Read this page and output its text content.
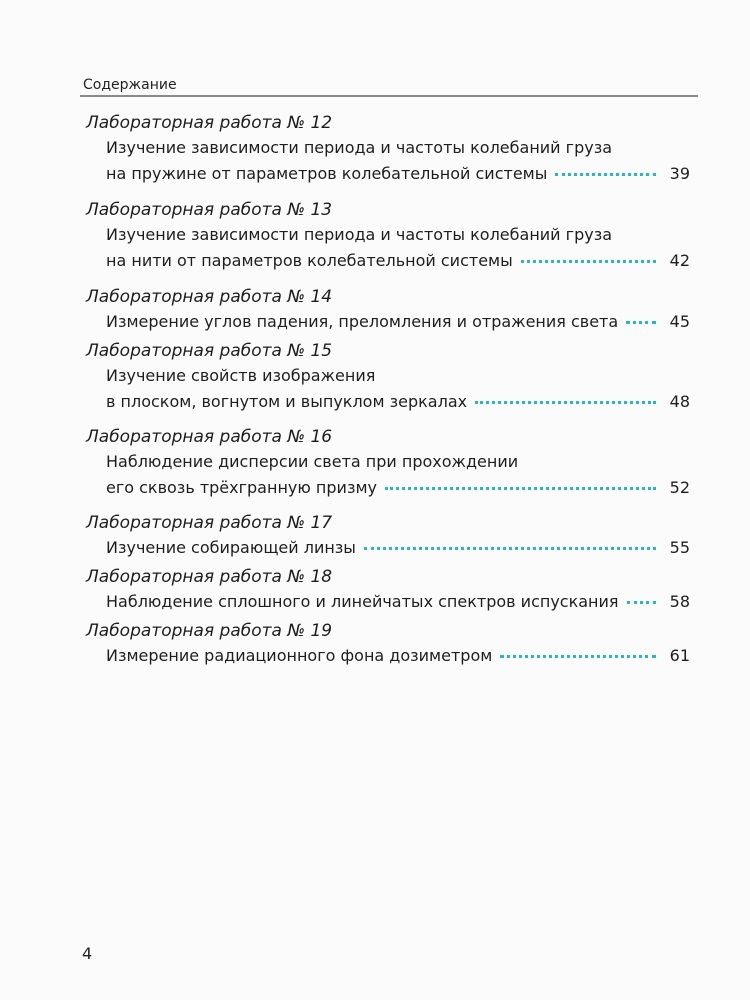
Содержание
Лабораторная работа № 12
Изучение зависимости периода и частоты колебаний груза
на пружине от параметров колебательной системы	39
Лабораторная работа № 13
Изучение зависимости периода и частоты колебаний груза
на нити от параметров колебательной системы	42
Лабораторная работа № 14
Измерение углов падения, преломления и отражения света	45
Лабораторная работа № 15
Изучение свойств изображения
в плоском, вогнутом и выпуклом зеркалах	48
Лабораторная работа № 16
Наблюдение дисперсии света при прохождении
его сквозь трёхгранную призму	52
Лабораторная работа № 17
Изучение собирающей линзы	55
Лабораторная работа № 18
Наблюдение сплошного и линейчатых спектров испускания	58
Лабораторная работа № 19
Измерение радиационного фона дозиметром	61
4
